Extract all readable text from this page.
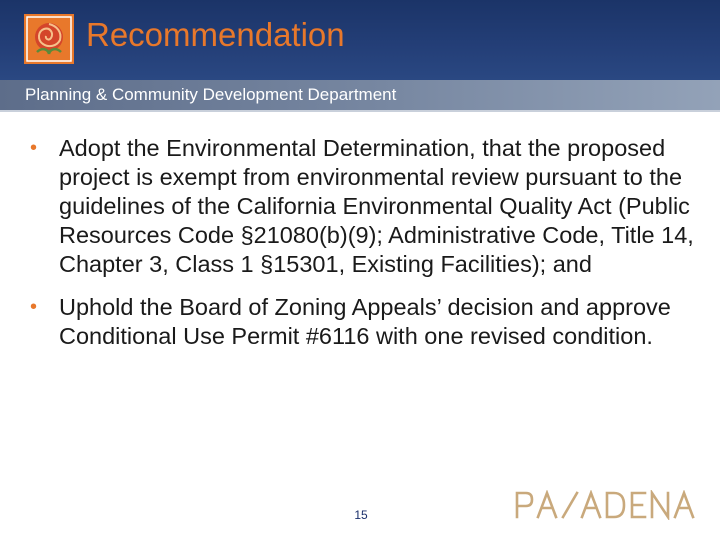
Recommendation
Planning & Community Development Department
• Adopt the Environmental Determination, that the proposed project is exempt from environmental review pursuant to the guidelines of the California Environmental Quality Act (Public Resources Code §21080(b)(9); Administrative Code, Title 14, Chapter 3, Class 1 §15301, Existing Facilities); and
• Uphold the Board of Zoning Appeals’ decision and approve Conditional Use Permit #6116 with one revised condition.
15
